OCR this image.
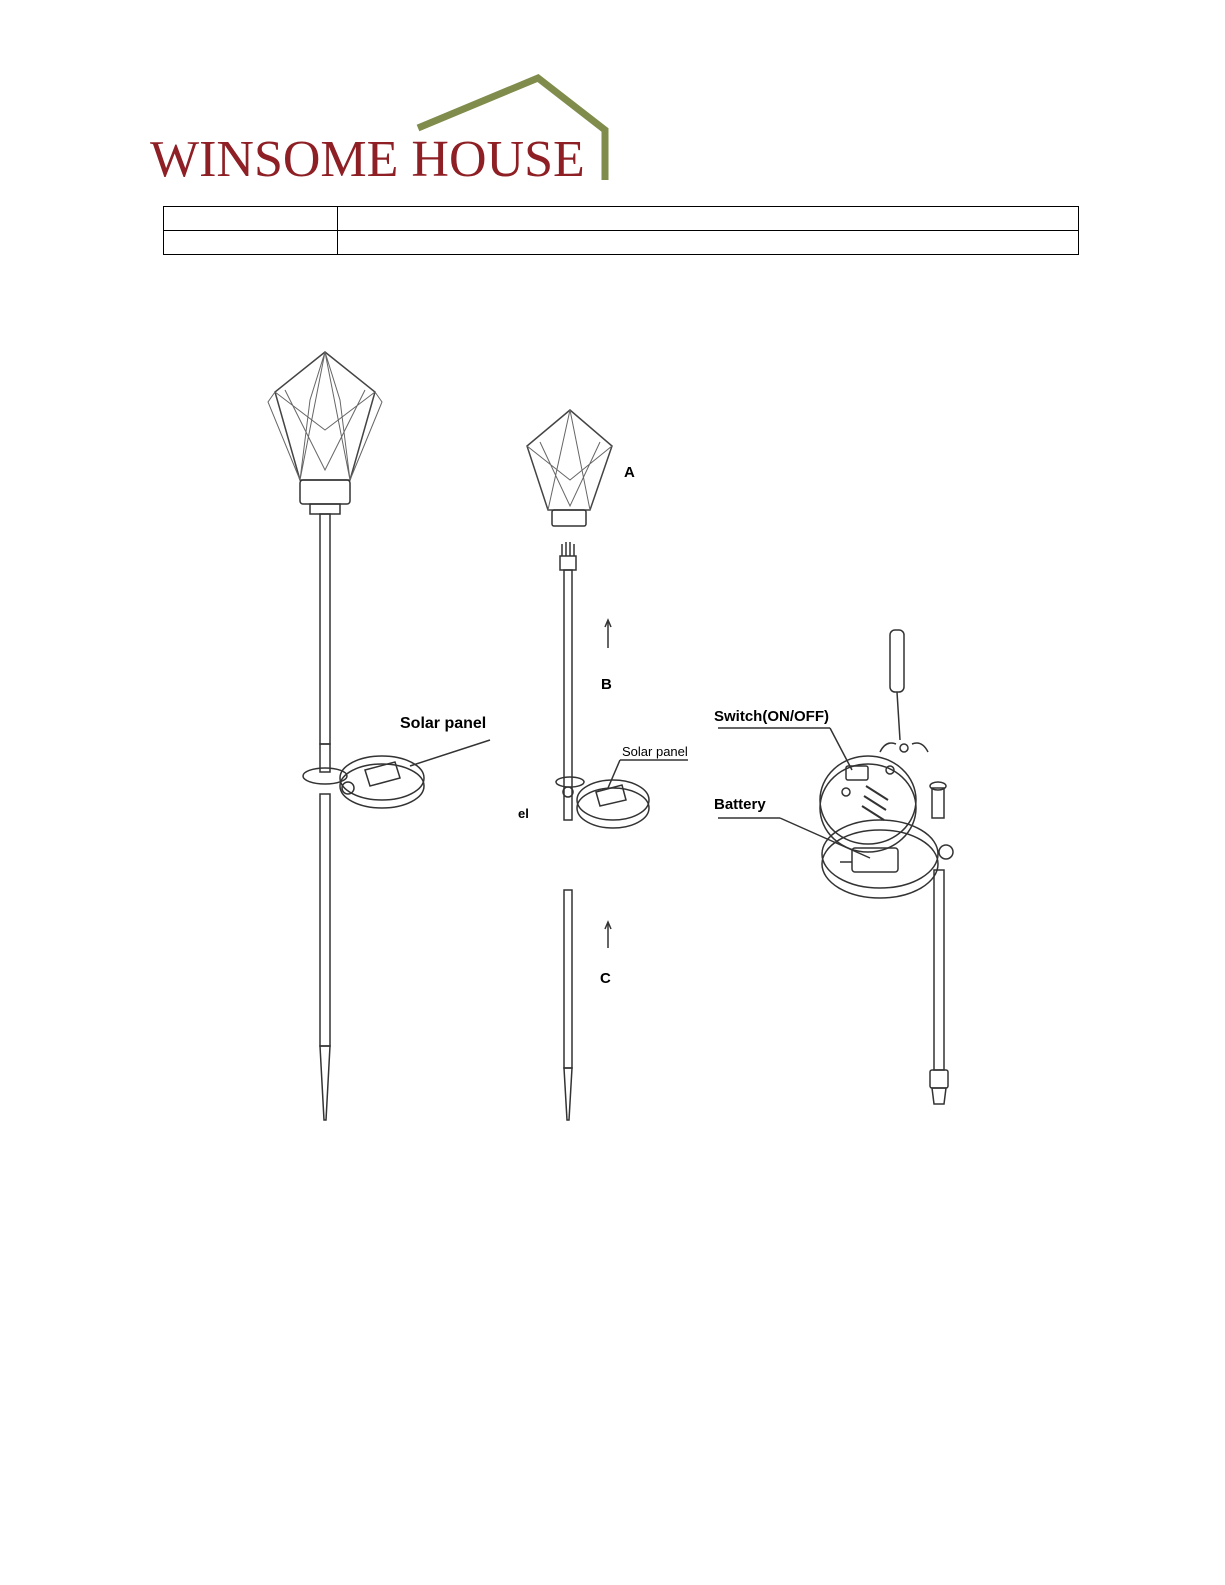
WINSOME HOUSE

Solar panel
A
B
Solar panel
el
C
Switch(ON/OFF)
Battery
